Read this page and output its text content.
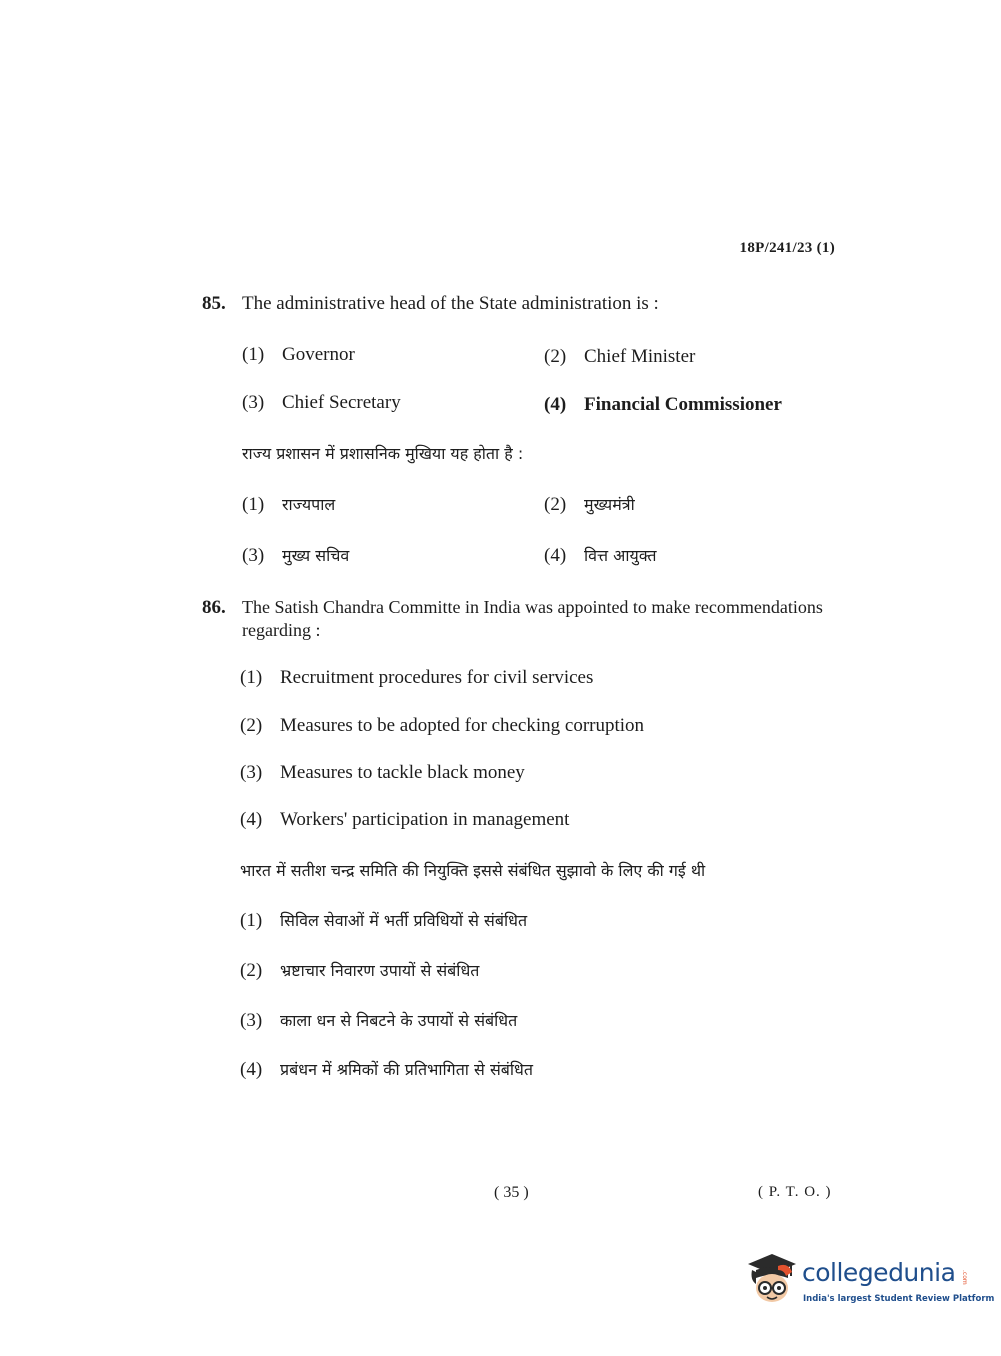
18P/241/23 (1)
85. The administrative head of the State administration is :
(1) Governor	(2) Chief Minister
(3) Chief Secretary	(4) Financial Commissioner
राज्य प्रशासन में प्रशासनिक मुखिया यह होता है :
(1) राज्यपाल	(2) मुख्यमंत्री
(3) मुख्य सचिव	(4) वित्त आयुक्त
86. The Satish Chandra Committe in India was appointed to make recommendations
regarding :
(1) Recruitment procedures for civil services
(2) Measures to be adopted for checking corruption
(3) Measures to tackle black money
(4) Workers' participation in management
भारत में सतीश चन्द्र समिति की नियुक्ति इससे संबंधित सुझावो के लिए की गई थी
(1) सिविल सेवाओं में भर्ती प्रविधियों से संबंधित
(2) भ्रष्टाचार निवारण उपायों से संबंधित
(3) काला धन से निबटने के उपायों से संबंधित
(4) प्रबंधन में श्रमिकों की प्रतिभागिता से संबंधित
( 35 )	( P. T. O. )
collegedunia .com
India's largest Student Review Platform
